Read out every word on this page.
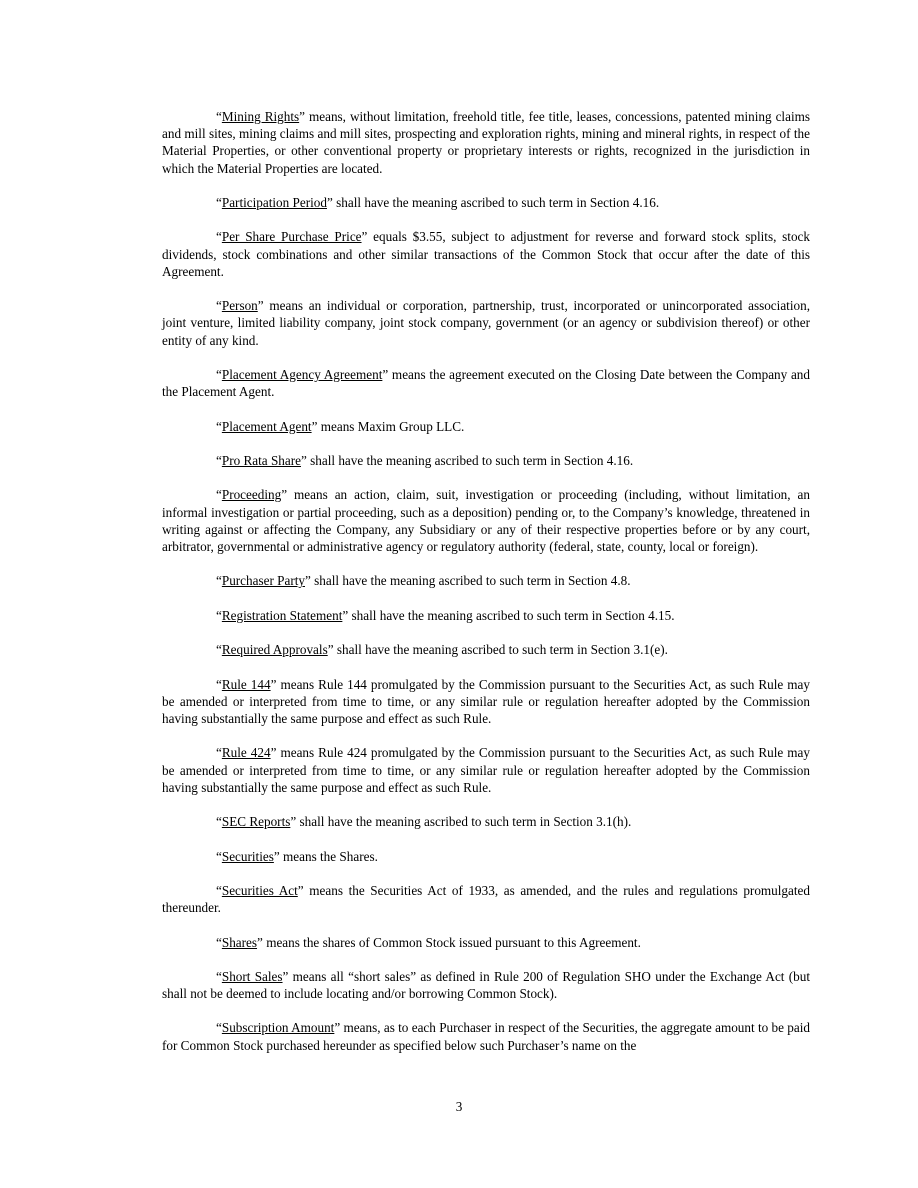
“Mining Rights” means, without limitation, freehold title, fee title, leases, concessions, patented mining claims and mill sites, mining claims and mill sites, prospecting and exploration rights, mining and mineral rights, in respect of the Material Properties, or other conventional property or proprietary interests or rights, recognized in the jurisdiction in which the Material Properties are located.

“Participation Period” shall have the meaning ascribed to such term in Section 4.16.

“Per Share Purchase Price” equals $3.55, subject to adjustment for reverse and forward stock splits, stock dividends, stock combinations and other similar transactions of the Common Stock that occur after the date of this Agreement.

“Person” means an individual or corporation, partnership, trust, incorporated or unincorporated association, joint venture, limited liability company, joint stock company, government (or an agency or subdivision thereof) or other entity of any kind.

“Placement Agency Agreement” means the agreement executed on the Closing Date between the Company and the Placement Agent.

“Placement Agent” means Maxim Group LLC.

“Pro Rata Share” shall have the meaning ascribed to such term in Section 4.16.

“Proceeding” means an action, claim, suit, investigation or proceeding (including, without limitation, an informal investigation or partial proceeding, such as a deposition) pending or, to the Company’s knowledge, threatened in writing against or affecting the Company, any Subsidiary or any of their respective properties before or by any court, arbitrator, governmental or administrative agency or regulatory authority (federal, state, county, local or foreign).

“Purchaser Party” shall have the meaning ascribed to such term in Section 4.8.

“Registration Statement” shall have the meaning ascribed to such term in Section 4.15.

“Required Approvals” shall have the meaning ascribed to such term in Section 3.1(e).

“Rule 144” means Rule 144 promulgated by the Commission pursuant to the Securities Act, as such Rule may be amended or interpreted from time to time, or any similar rule or regulation hereafter adopted by the Commission having substantially the same purpose and effect as such Rule.

“Rule 424” means Rule 424 promulgated by the Commission pursuant to the Securities Act, as such Rule may be amended or interpreted from time to time, or any similar rule or regulation hereafter adopted by the Commission having substantially the same purpose and effect as such Rule.

“SEC Reports” shall have the meaning ascribed to such term in Section 3.1(h).

“Securities” means the Shares.

“Securities Act” means the Securities Act of 1933, as amended, and the rules and regulations promulgated thereunder.

“Shares” means the shares of Common Stock issued pursuant to this Agreement.

“Short Sales” means all “short sales” as defined in Rule 200 of Regulation SHO under the Exchange Act (but shall not be deemed to include locating and/or borrowing Common Stock).

“Subscription Amount” means, as to each Purchaser in respect of the Securities, the aggregate amount to be paid for Common Stock purchased hereunder as specified below such Purchaser’s name on the

3
